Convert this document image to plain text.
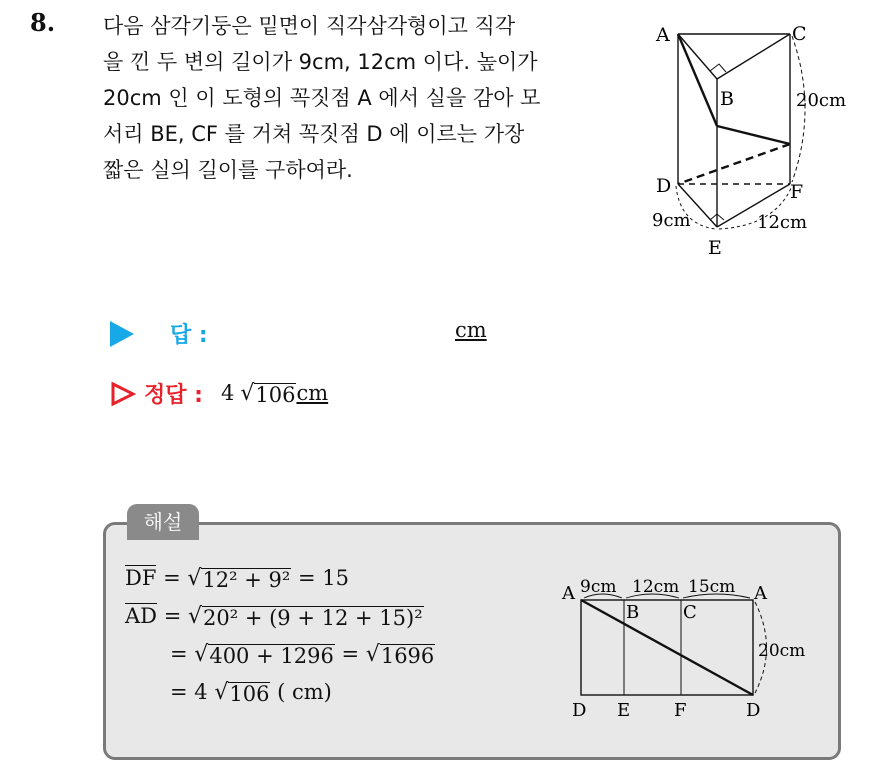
8. 다음 삼각기둥은 밑면이 직각삼각형이고 직각
을 낀 두 변의 길이가 9cm, 12cm 이다. 높이가
20cm 인 이 도형의 꼭짓점 A 에서 실을 감아 모
서리 BE, CF 를 거쳐 꼭짓점 D 에 이르는 가장
짧은 실의 길이를 구하여라.
A
B
C
D
E
F
20cm
9cm	12cm
답 :	cm
정답 : 4 √ 106 cm
해설
DF = √ 12² + 9² = 15
AD = √ 20² + (9 + 12 + 15)²
= √ 400 + 1296 = √ 1696
= 4 √ 106 ( cm)
A
B C
A
9cm 12cm 15cm
20cm
D E F	D
